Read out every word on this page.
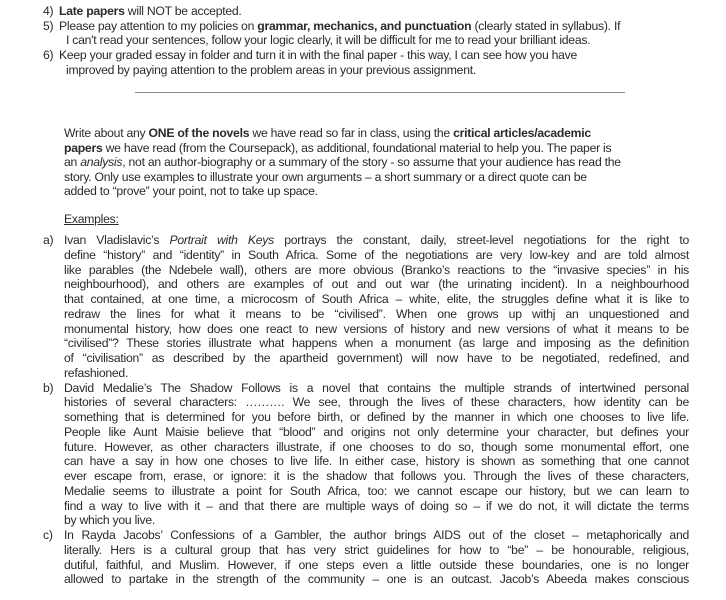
Examples:
4) Late papers will NOT be accepted.
5) Please pay attention to my policies on grammar, mechanics, and punctuation (clearly stated in syllabus). If
I can't read your sentences, follow your logic clearly, it will be difficult for me to read your brilliant ideas.
6) Keep your graded essay in folder and turn it in with the final paper - this way, I can see how you have
improved by paying attention to the problem areas in your previous assignment.
Write about any ONE of the novels we have read so far in class, using the critical articles/academic
papers we have read (from the Coursepack), as additional, foundational material to help you. The paper is
an analysis, not an author-biography or a summary of the story - so assume that your audience has read the
story. Only use examples to illustrate your own arguments – a short summary or a direct quote can be
added to “prove” your point, not to take up space.
a) Ivan Vladislavic’s Portrait with Keys portrays the constant, daily, street-level negotiations for the right to
define “history” and “identity” in South Africa. Some of the negotiations are very low-key and are told almost
like parables (the Ndebele wall), others are more obvious (Branko’s reactions to the “invasive species” in his
neighbourhood), and others are examples of out and out war (the urinating incident). In a neighbourhood
that contained, at one time, a microcosm of South Africa – white, elite, the struggles define what it is like to
redraw the lines for what it means to be “civilised”. When one grows up withj an unquestioned and
monumental history, how does one react to new versions of history and new versions of what it means to be
“civilised”? These stories illustrate what happens when a monument (as large and imposing as the definition
of “civilisation” as described by the apartheid government) will now have to be negotiated, redefined, and
refashioned.
b) David Medalie’s The Shadow Follows is a novel that contains the multiple strands of intertwined personal
histories of several characters: ………. We see, through the lives of these characters, how identity can be
something that is determined for you before birth, or defined by the manner in which one chooses to live life.
People like Aunt Maisie believe that “blood” and origins not only determine your character, but defines your
future. However, as other characters illustrate, if one chooses to do so, though some monumental effort, one
can have a say in how one choses to live life. In either case, history is shown as something that one cannot
ever escape from, erase, or ignore: it is the shadow that follows you. Through the lives of these characters,
Medalie seems to illustrate a point for South Africa, too: we cannot escape our history, but we can learn to
find a way to live with it – and that there are multiple ways of doing so – if we do not, it will dictate the terms
by which you live.
c) In Rayda Jacobs’ Confessions of a Gambler, the author brings AIDS out of the closet – metaphorically and
literally. Hers is a cultural group that has very strict guidelines for how to “be” – be honourable, religious,
dutiful, faithful, and Muslim. However, if one steps even a little outside these boundaries, one is no longer
allowed to partake in the strength of the community – one is an outcast. Jacob’s Abeeda makes conscious
